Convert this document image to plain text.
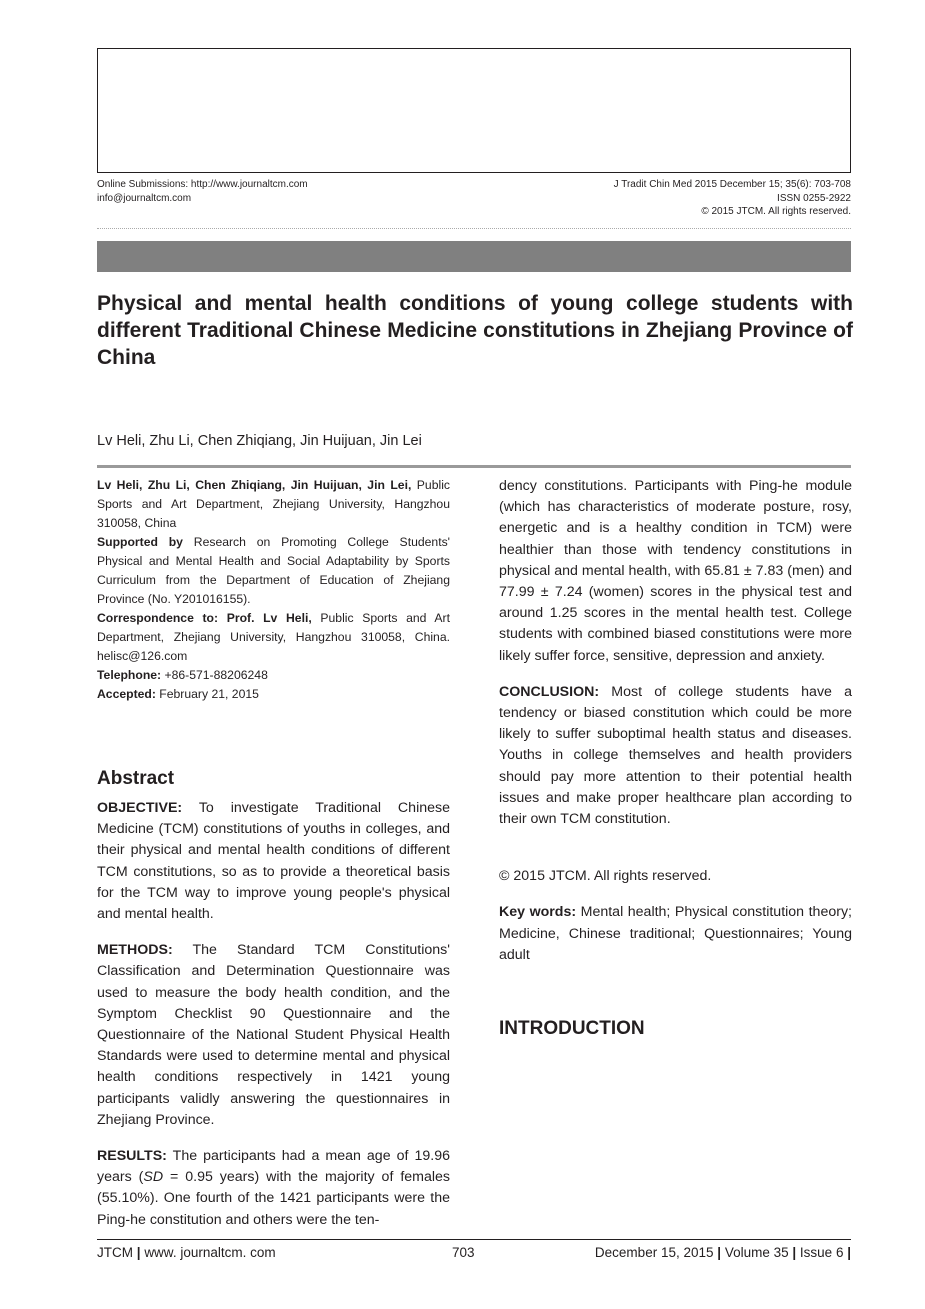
Online Submissions: http://www.journaltcm.com
info@journaltcm.com
J Tradit Chin Med 2015 December 15; 35(6): 703-708
ISSN 0255-2922
© 2015 JTCM. All rights reserved.
Physical and mental health conditions of young college students with different Traditional Chinese Medicine constitutions in Zhejiang Province of China
Lv Heli, Zhu Li, Chen Zhiqiang, Jin Huijuan, Jin Lei

Lv Heli, Zhu Li, Chen Zhiqiang, Jin Huijuan, Jin Lei, Public Sports and Art Department, Zhejiang University, Hangzhou 310058, China

Supported by Research on Promoting College Students' Physical and Mental Health and Social Adaptability by Sports Curriculum from the Department of Education of Zhejiang Province (No. Y201016155).

Correspondence to: Prof. Lv Heli, Public Sports and Art Department, Zhejiang University, Hangzhou 310058, China. helisc@126.com

Telephone: +86-571-88206248

Accepted: February 21, 2015

Abstract

OBJECTIVE: To investigate Traditional Chinese Medicine (TCM) constitutions of youths in colleges, and their physical and mental health conditions of different TCM constitutions, so as to provide a theoretical basis for the TCM way to improve young people's physical and mental health.

METHODS: The Standard TCM Constitutions' Classification and Determination Questionnaire was used to measure the body health condition, and the Symptom Checklist 90 Questionnaire and the Questionnaire of the National Student Physical Health Standards were used to determine mental and physical health conditions respectively in 1421 young participants validly answering the questionnaires in Zhejiang Province.

RESULTS: The participants had a mean age of 19.96 years (SD = 0.95 years) with the majority of females (55.10%). One fourth of the 1421 participants were the Ping-he constitution and others were the ten-

dency constitutions. Participants with Ping-he module (which has characteristics of moderate posture, rosy, energetic and is a healthy condition in TCM) were healthier than those with tendency constitutions in physical and mental health, with 65.81 ± 7.83 (men) and 77.99 ± 7.24 (women) scores in the physical test and around 1.25 scores in the mental health test. College students with combined biased constitutions were more likely suffer force, sensitive, depression and anxiety.

CONCLUSION: Most of college students have a tendency or biased constitution which could be more likely to suffer suboptimal health status and diseases. Youths in college themselves and health providers should pay more attention to their potential health issues and make proper healthcare plan according to their own TCM constitution.

© 2015 JTCM. All rights reserved.

Key words: Mental health; Physical constitution theory; Medicine, Chinese traditional; Questionnaires; Young adult

INTRODUCTION
JTCM | www. journaltcm. com	703	December 15, 2015 | Volume 35 | Issue 6 |
